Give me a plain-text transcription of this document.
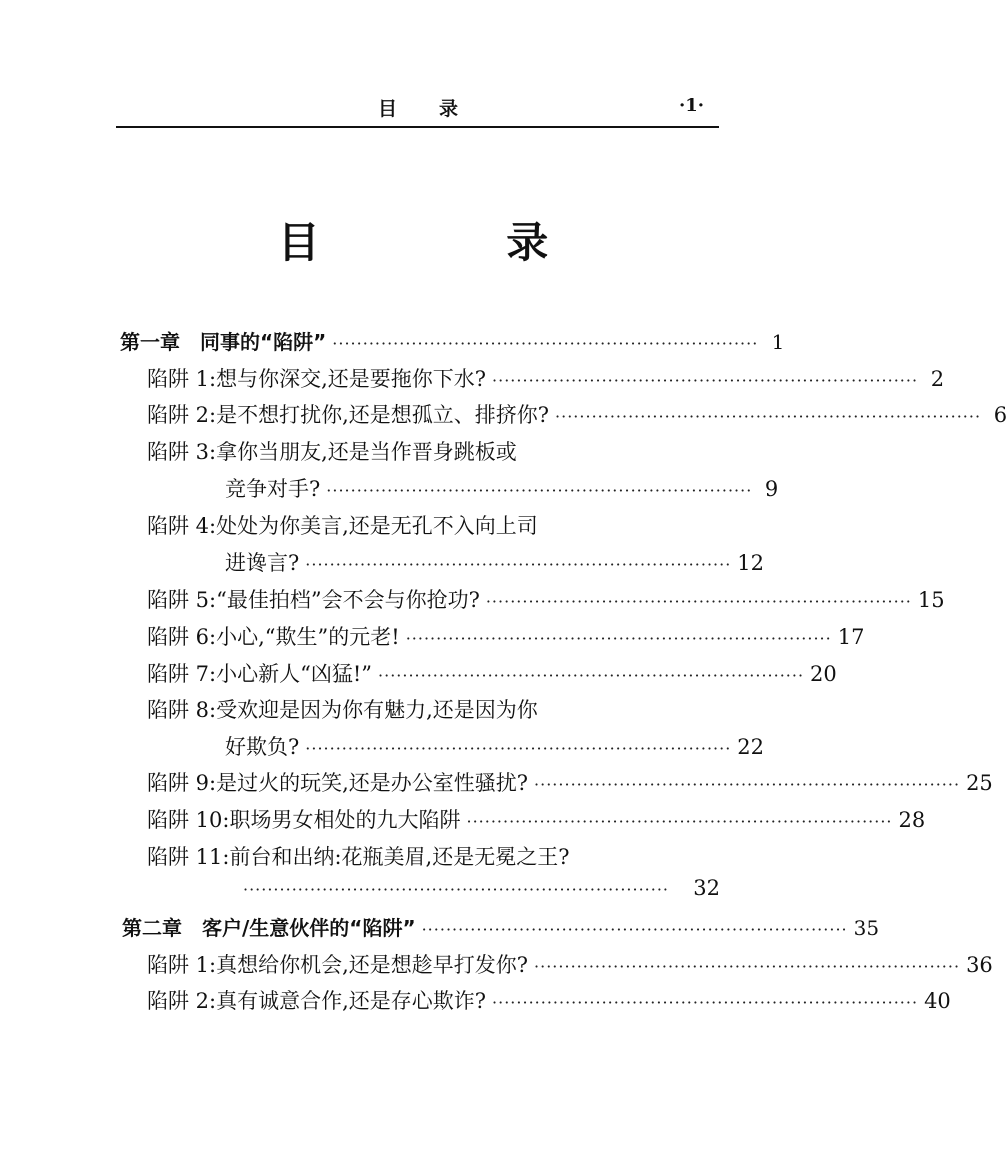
目录	·1·
目 录
第一章　同事的“陷阱” ······································································ 1
陷阱 1:想与你深交,还是要拖你下水? ······································································ 2
陷阱 2:是不想打扰你,还是想孤立、排挤你? ······································································ 6
陷阱 3:拿你当朋友,还是当作晋身跳板或
竞争对手? ······································································ 9
陷阱 4:处处为你美言,还是无孔不入向上司
进谗言? ······································································ 12
陷阱 5:“最佳拍档”会不会与你抢功? ······································································ 15
陷阱 6:小心,“欺生”的元老! ······································································ 17
陷阱 7:小心新人“凶猛!” ······································································ 20
陷阱 8:受欢迎是因为你有魅力,还是因为你
好欺负? ······································································ 22
陷阱 9:是过火的玩笑,还是办公室性骚扰? ······································································ 25
陷阱 10:职场男女相处的九大陷阱 ······································································ 28
陷阱 11:前台和出纳:花瓶美眉,还是无冕之王?
······································································	32
第二章　客户/生意伙伴的“陷阱” ······································································ 35
陷阱 1:真想给你机会,还是想趁早打发你? ······································································ 36
陷阱 2:真有诚意合作,还是存心欺诈? ······································································ 40
